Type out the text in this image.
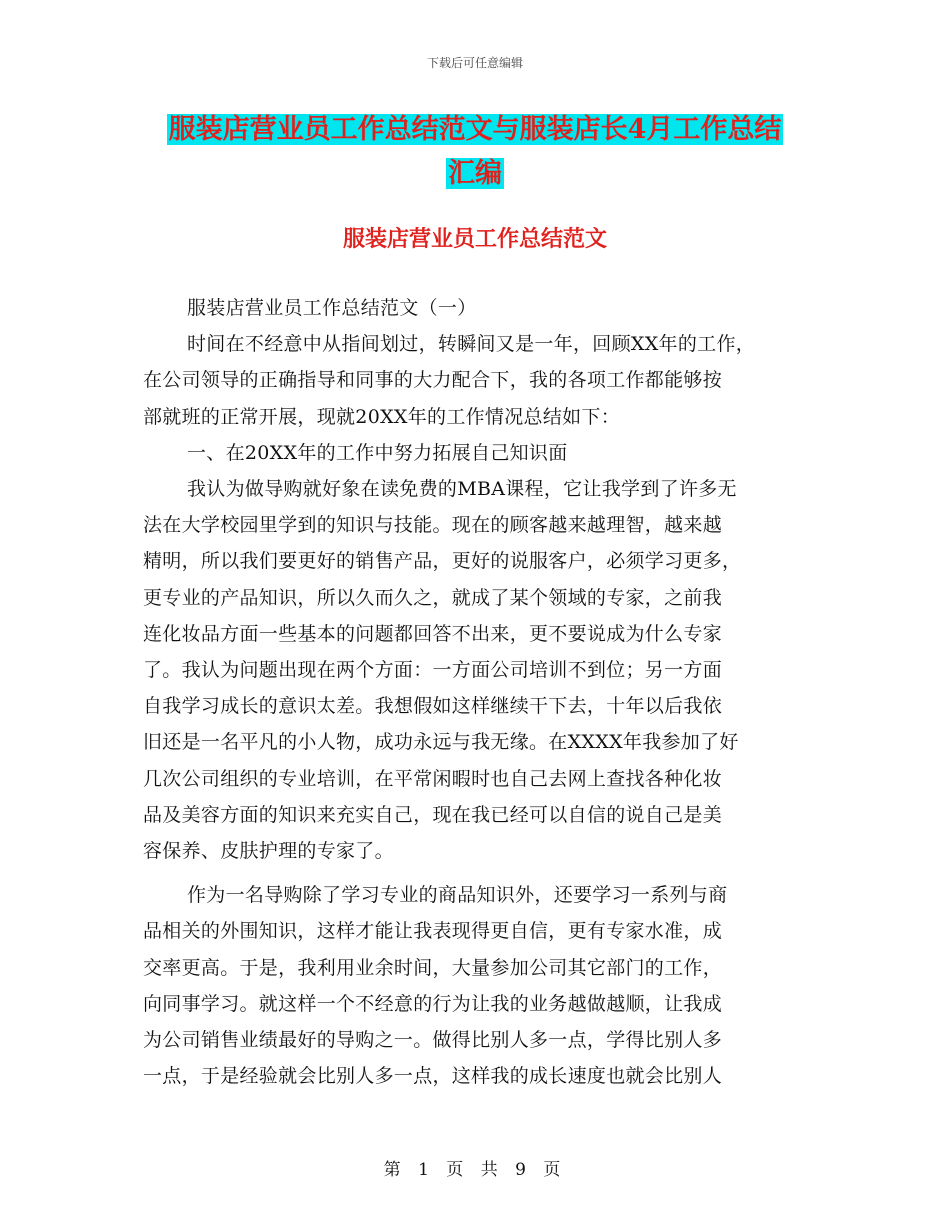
下载后可任意编辑
服装店营业员工作总结范文与服装店长4月工作总结
汇编
服装店营业员工作总结范文

服装店营业员工作总结范文（一）

时间在不经意中从指间划过，转瞬间又是一年，回顾XX年的工作，

在公司领导的正确指导和同事的大力配合下，我的各项工作都能够按

部就班的正常开展，现就20XX年的工作情况总结如下：

一、在20XX年的工作中努力拓展自己知识面

我认为做导购就好象在读免费的MBA课程，它让我学到了许多无

法在大学校园里学到的知识与技能。现在的顾客越来越理智，越来越

精明，所以我们要更好的销售产品，更好的说服客户，必须学习更多，

更专业的产品知识，所以久而久之，就成了某个领域的专家，之前我

连化妆品方面一些基本的问题都回答不出来，更不要说成为什么专家

了。我认为问题出现在两个方面：一方面公司培训不到位；另一方面

自我学习成长的意识太差。我想假如这样继续干下去，十年以后我依

旧还是一名平凡的小人物，成功永远与我无缘。在XXXX年我参加了好

几次公司组织的专业培训，在平常闲暇时也自己去网上查找各种化妆

品及美容方面的知识来充实自己，现在我已经可以自信的说自己是美

容保养、皮肤护理的专家了。

作为一名导购除了学习专业的商品知识外，还要学习一系列与商

品相关的外围知识，这样才能让我表现得更自信，更有专家水准，成

交率更高。于是，我利用业余时间，大量参加公司其它部门的工作，

向同事学习。就这样一个不经意的行为让我的业务越做越顺，让我成

为公司销售业绩最好的导购之一。做得比别人多一点，学得比别人多

一点，于是经验就会比别人多一点，这样我的成长速度也就会比别人

第 1 页 共 9 页
